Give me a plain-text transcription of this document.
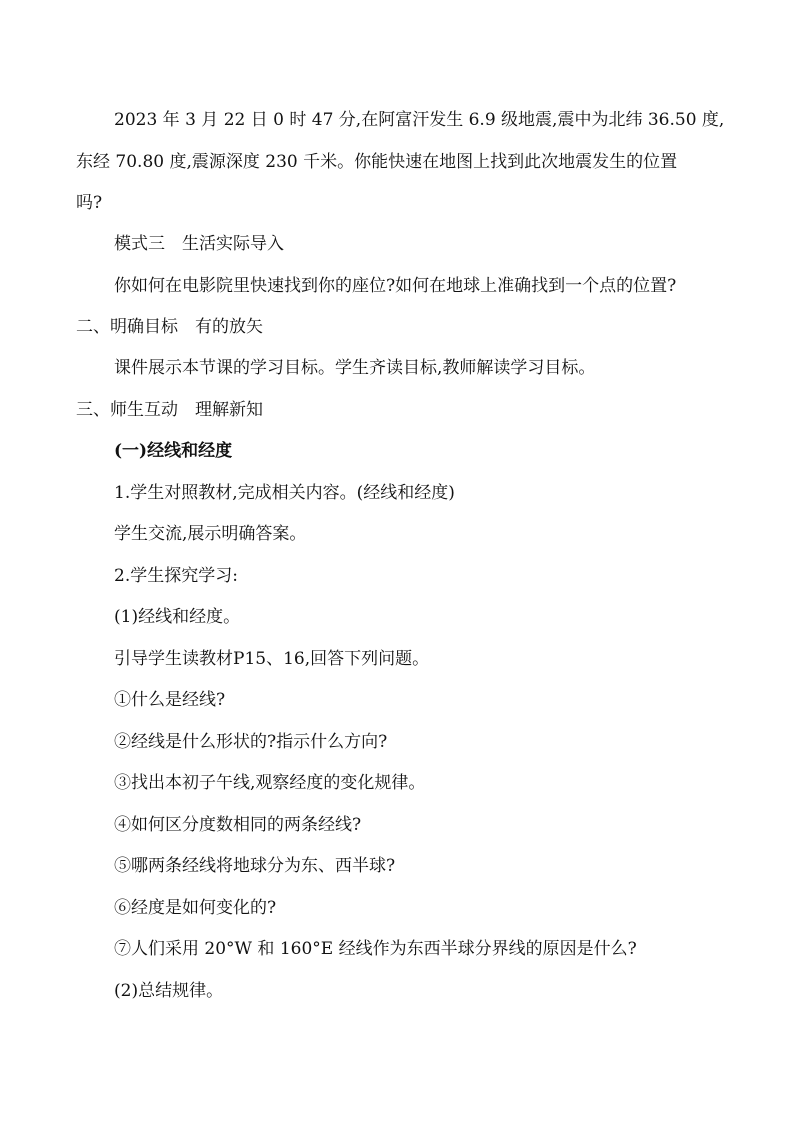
2023 年 3 月 22 日 0 时 47 分,在阿富汗发生 6.9 级地震,震中为北纬 36.50 度,
东经 70.80 度,震源深度 230 千米。你能快速在地图上找到此次地震发生的位置
吗?
模式三　生活实际导入
你如何在电影院里快速找到你的座位?如何在地球上准确找到一个点的位置?
二、明确目标　有的放矢
课件展示本节课的学习目标。学生齐读目标,教师解读学习目标。
三、师生互动　理解新知
(一)经线和经度
1.学生对照教材,完成相关内容。(经线和经度)
学生交流,展示明确答案。
2.学生探究学习:
(1)经线和经度。
引导学生读教材P15、16,回答下列问题。
①什么是经线?
②经线是什么形状的?指示什么方向?
③找出本初子午线,观察经度的变化规律。
④如何区分度数相同的两条经线?
⑤哪两条经线将地球分为东、西半球?
⑥经度是如何变化的?
⑦人们采用 20°W 和 160°E 经线作为东西半球分界线的原因是什么?
(2)总结规律。
